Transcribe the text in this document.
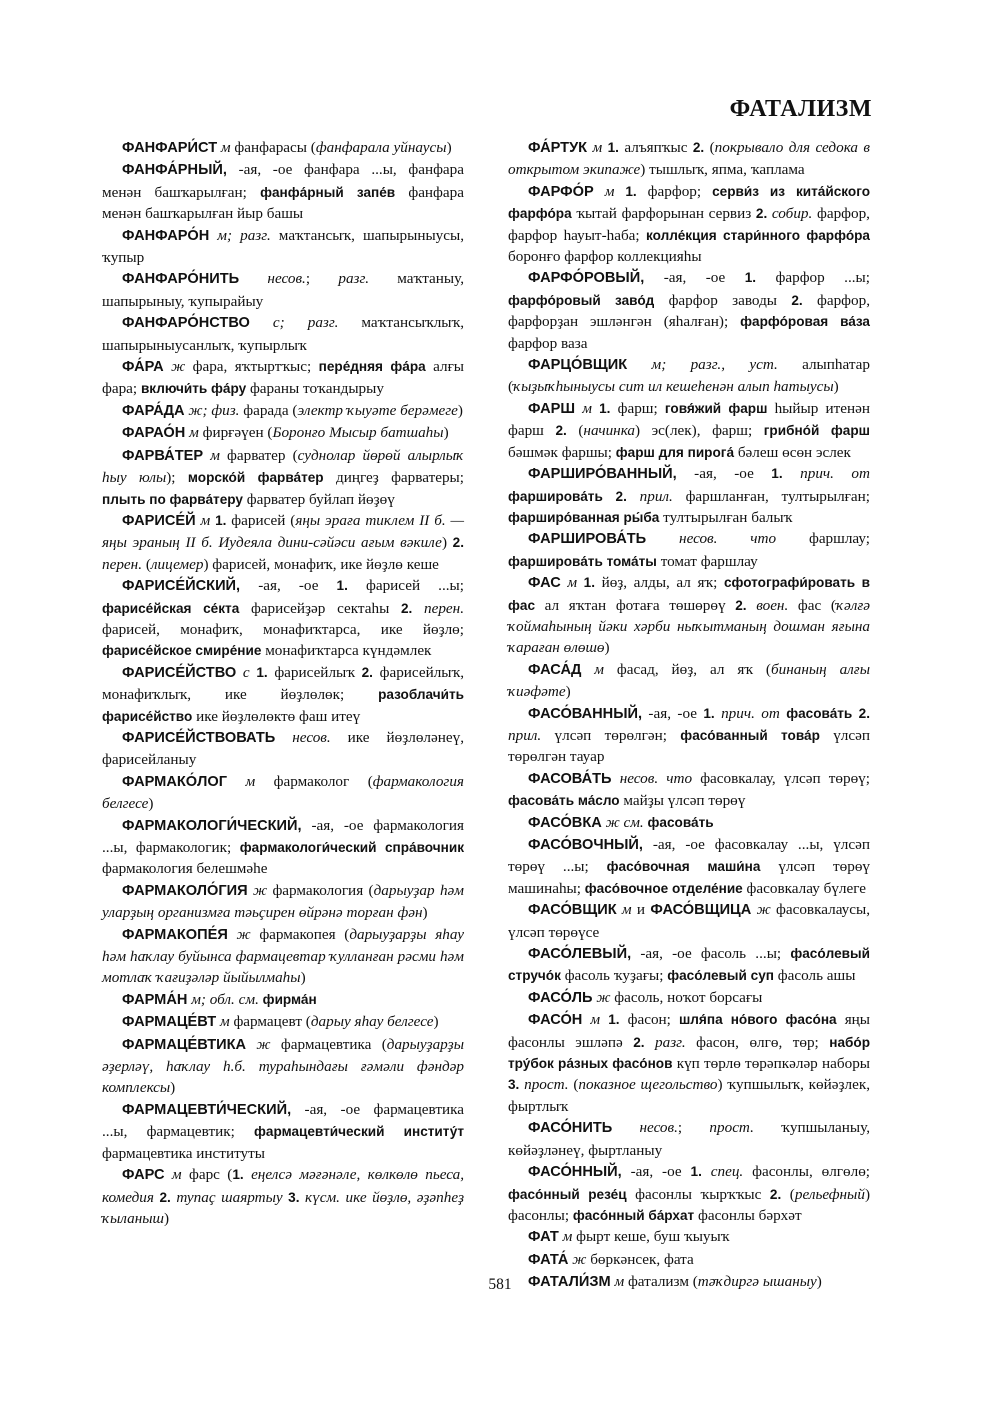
ФАТАЛИЗМ

ФАНФАРИ́СТ м фанфарасы (фанфарала уйнаусы)

ФАНФА́РНЫЙ, -ая, -ое фанфара ...ы, фанфара менән башҡарылған; фанфа́рный запе́в фанфара менән башҡарылған йыр башы

ФАНФАРО́Н м; разг. маҡтансыҡ, шапырыныусы, ҡупыр

ФАНФАРО́НИТЬ несов.; разг. маҡтаныу, шапырыныу, ҡупырайыу

ФАНФАРО́НСТВО с; разг. маҡтансыҡлыҡ, шапырыныусанлыҡ, ҡупырлыҡ

ФА́РА ж фара, яҡтыртҡыс; пере́дняя фа́ра алғы фара; включи́ть фа́ру фараны тоҡандырыу

ФАРА́ДА ж; физ. фарада (электр ҡыуәте берәмеге)

ФАРАО́Н м фирғәүен (Боронғо Мысыр батшаһы)

ФАРВА́ТЕР м фарватер (суднолар йөрөй алырлыҡ һыу юлы); морско́й фарва́тер диңгеҙ фарватеры; плыть по фарва́теру фарватер буйлап йөҙөү

ФАРИСЕ́Й м 1. фарисей (яңы эраға тиклем II б. — яңы эраның II б. Иудеяла дини-сәйәси ағым вәкиле) 2. перен. (лицемер) фарисей, монафиҡ, ике йөҙлө кеше

ФАРИСЕ́ЙСКИЙ, -ая, -ое 1. фарисей ...ы; фарисе́йская се́кта фарисейҙәр сектаһы 2. перен. фарисей, монафиҡ, монафиҡтарса, ике йөҙлө; фарисе́йское смире́ние монафиҡтарса күндәмлек

ФАРИСЕ́ЙСТВО с 1. фарисейлыҡ 2. фарисейлыҡ, монафиҡлыҡ, ике йөҙлөлөк; разоблачи́ть фарисе́йство ике йөҙлөлөктө фаш итеү

ФАРИСЕ́ЙСТВОВАТЬ несов. ике йөҙлөләнеү, фарисейланыу

ФАРМАКО́ЛОГ м фармаколог (фармакология белгесе)

ФАРМАКОЛОГИ́ЧЕСКИЙ, -ая, -ое фармакология ...ы, фармакологик; фармакологи́ческий спра́вочник фармакология белешмәһе

ФАРМАКОЛО́ГИЯ ж фармакология (дарыуҙар һәм уларҙың организмға тәьҫирен өйрәнә торған фән)

ФАРМАКОПЕ́Я ж фармакопея (дарыуҙарҙы яһау һәм һаҡлау буйынса фармацевтар ҡулланған рәсми һәм мотлаҡ ҡағиҙәләр йыйылмаһы)

ФАРМА́Н м; обл. см. фирма́н

ФАРМАЦЕ́ВТ м фармацевт (дарыу яһау белгесе)

ФАРМАЦЕ́ВТИКА ж фармацевтика (дарыуҙарҙы әҙерләү, һаҡлау һ.б. тураһындағы ғәмәли фәндәр комплексы)

ФАРМАЦЕВТИ́ЧЕСКИЙ, -ая, -ое фармацевтика ...ы, фармацевтик; фармацевти́ческий институ́т фармацевтика институты

ФАРС м фарс (1. еңелсә мәғәнәле, көлкөлө пьеса, комедия 2. тупаҫ шаяртыу 3. күсм. ике йөҙлө, әҙәпһеҙ ҡыланыш)

ФА́РТУК м 1. алъяпҡыс 2. (покрывало для седока в открытом экипаже) тышлыҡ, япма, ҡаплама

ФАРФО́Р м 1. фарфор; серви́з из кита́йского фарфо́ра ҡытай фарфорынан сервиз 2. собир. фарфор, фарфор һауыт-һаба; колле́кция стари́нного фарфо́ра боронғо фарфор коллекцияһы

ФАРФО́РОВЫЙ, -ая, -ое 1. фарфор ...ы; фарфо́ровый заво́д фарфор заводы 2. фарфор, фарфорҙан эшләнгән (яһалған); фарфо́ровая ва́за фарфор ваза

ФАРЦО́ВЩИК м; разг., уст. алыпһатар (ҡыҙыҡһыныусы сит ил кешеһенән алып һатыусы)

ФАРШ м 1. фарш; говя́жий фарш һыйыр итенән фарш 2. (начинка) эс(лек), фарш; грибно́й фарш бәшмәк фаршы; фарш для пирога́ бәлеш өсөн эслек

ФАРШИРО́ВАННЫЙ, -ая, -ое 1. прич. от фарширова́ть 2. прил. фаршланған, тултырылған; фарширо́ванная ры́ба тултырылған балыҡ

ФАРШИРОВА́ТЬ несов. что фаршлау; фарширова́ть тома́ты томат фаршлау

ФАС м 1. йөҙ, алды, ал яҡ; сфотографи́ровать в фас ал яҡтан фотаға төшөрөү 2. воен. фас (ҡәлғә ҡоймаһының йәки хәрби ныҡытманың дошман яғына ҡараған өлөшө)

ФАСА́Д м фасад, йөҙ, ал яҡ (бинаның алғы ҡиәфәте)

ФАСО́ВАННЫЙ, -ая, -ое 1. прич. от фасова́ть 2. прил. үлсәп төрөлгән; фасо́ванный това́р үлсәп төрөлгән тауар

ФАСОВА́ТЬ несов. что фасовкалау, үлсәп төрөү; фасова́ть ма́сло майҙы үлсәп төрөү

ФАСО́ВКА ж см. фасова́ть

ФАСО́ВОЧНЫЙ, -ая, -ое фасовкалау ...ы, үлсәп төрөү ...ы; фасо́вочная маши́на үлсәп төрөү машинаһы; фасо́вочное отделе́ние фасовкалау бүлеге

ФАСО́ВЩИК м и ФАСО́ВЩИЦА ж фасовкалаусы, үлсәп төрөүсе

ФАСО́ЛЕВЫЙ, -ая, -ое фасоль ...ы; фасо́левый стручо́к фасоль ҡуҙағы; фасо́левый суп фасоль ашы

ФАСО́ЛЬ ж фасоль, ноҡот борсағы

ФАСО́Н м 1. фасон; шля́па но́вого фасо́на яңы фасонлы эшләпә 2. разг. фасон, өлгө, төр; набо́р тру́бок ра́зных фасо́нов күп төрлө төрәпкәләр наборы 3. прост. (показное щегольство) ҡупшылыҡ, көйәҙлек, фыртлыҡ

ФАСО́НИТЬ несов.; прост. ҡупшыланыу, көйәҙләнеү, фыртланыу

ФАСО́ННЫЙ, -ая, -ое 1. спец. фасонлы, өлгөлө; фасо́нный резе́ц фасонлы ҡырҡҡыс 2. (рельефный) фасонлы; фасо́нный ба́рхат фасонлы бәрхәт

ФАТ м фырт кеше, буш ҡыуыҡ

ФАТА́ ж бөркәнсек, фата

ФАТАЛИ́ЗМ м фатализм (тәҡдиргә ышаныу)

581
